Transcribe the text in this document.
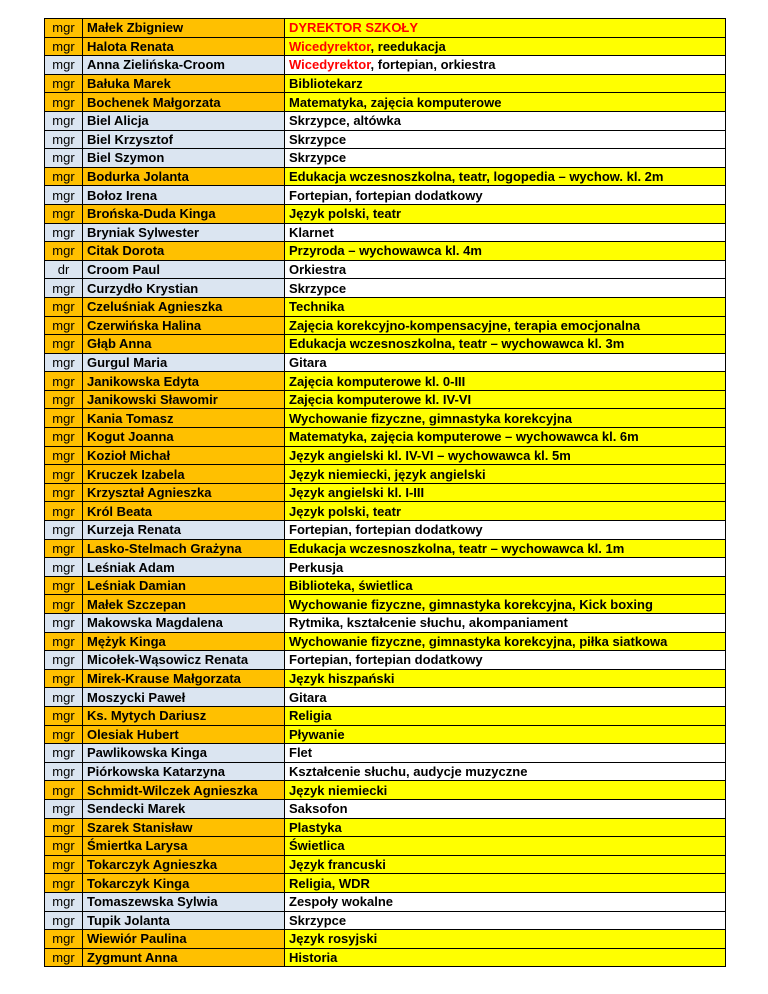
mgr	Małek Zbigniew	DYREKTOR SZKOŁY
mgr	Halota Renata	Wicedyrektor, reedukacja
mgr	Anna Zielińska-Croom	Wicedyrektor, fortepian, orkiestra
mgr	Bałuka Marek	Bibliotekarz
mgr	Bochenek Małgorzata	Matematyka, zajęcia komputerowe
mgr	Biel Alicja	Skrzypce, altówka
mgr	Biel Krzysztof	Skrzypce
mgr	Biel Szymon	Skrzypce
mgr	Bodurka Jolanta	Edukacja wczesnoszkolna, teatr, logopedia – wychow. kl. 2m
mgr	Bołoz Irena	Fortepian, fortepian dodatkowy
mgr	Brońska-Duda Kinga	Język polski, teatr
mgr	Bryniak Sylwester	Klarnet
mgr	Citak Dorota	Przyroda – wychowawca kl. 4m
dr	Croom Paul	Orkiestra
mgr	Curzydło Krystian	Skrzypce
mgr	Czeluśniak Agnieszka	Technika
mgr	Czerwińska Halina	Zajęcia korekcyjno-kompensacyjne, terapia emocjonalna
mgr	Głąb Anna	Edukacja wczesnoszkolna, teatr – wychowawca kl. 3m
mgr	Gurgul Maria	Gitara
mgr	Janikowska Edyta	Zajęcia komputerowe kl. 0-III
mgr	Janikowski Sławomir	Zajęcia komputerowe kl. IV-VI
mgr	Kania Tomasz	Wychowanie fizyczne, gimnastyka korekcyjna
mgr	Kogut Joanna	Matematyka, zajęcia komputerowe – wychowawca kl. 6m
mgr	Kozioł Michał	Język angielski kl. IV-VI – wychowawca kl. 5m
mgr	Kruczek Izabela	Język niemiecki, język angielski
mgr	Krzyształ Agnieszka	Język angielski kl. I-III
mgr	Król Beata	Język polski, teatr
mgr	Kurzeja Renata	Fortepian, fortepian dodatkowy
mgr	Lasko-Stelmach Grażyna	Edukacja wczesnoszkolna, teatr – wychowawca kl. 1m
mgr	Leśniak Adam	Perkusja
mgr	Leśniak Damian	Biblioteka, świetlica
mgr	Małek Szczepan	Wychowanie fizyczne, gimnastyka korekcyjna, Kick boxing
mgr	Makowska Magdalena	Rytmika, kształcenie słuchu, akompaniament
mgr	Mężyk Kinga	Wychowanie fizyczne, gimnastyka korekcyjna, piłka siatkowa
mgr	Micołek-Wąsowicz Renata	Fortepian, fortepian dodatkowy
mgr	Mirek-Krause Małgorzata	Język hiszpański
mgr	Moszycki Paweł	Gitara
mgr	Ks. Mytych Dariusz	Religia
mgr	Olesiak Hubert	Pływanie
mgr	Pawlikowska Kinga	Flet
mgr	Piórkowska Katarzyna	Kształcenie słuchu, audycje muzyczne
mgr	Schmidt-Wilczek Agnieszka	Język niemiecki
mgr	Sendecki Marek	Saksofon
mgr	Szarek Stanisław	Plastyka
mgr	Śmiertka Larysa	Świetlica
mgr	Tokarczyk Agnieszka	Język francuski
mgr	Tokarczyk Kinga	Religia, WDR
mgr	Tomaszewska Sylwia	Zespoły wokalne
mgr	Tupik Jolanta	Skrzypce
mgr	Wiewiór Paulina	Język rosyjski
mgr	Zygmunt Anna	Historia
